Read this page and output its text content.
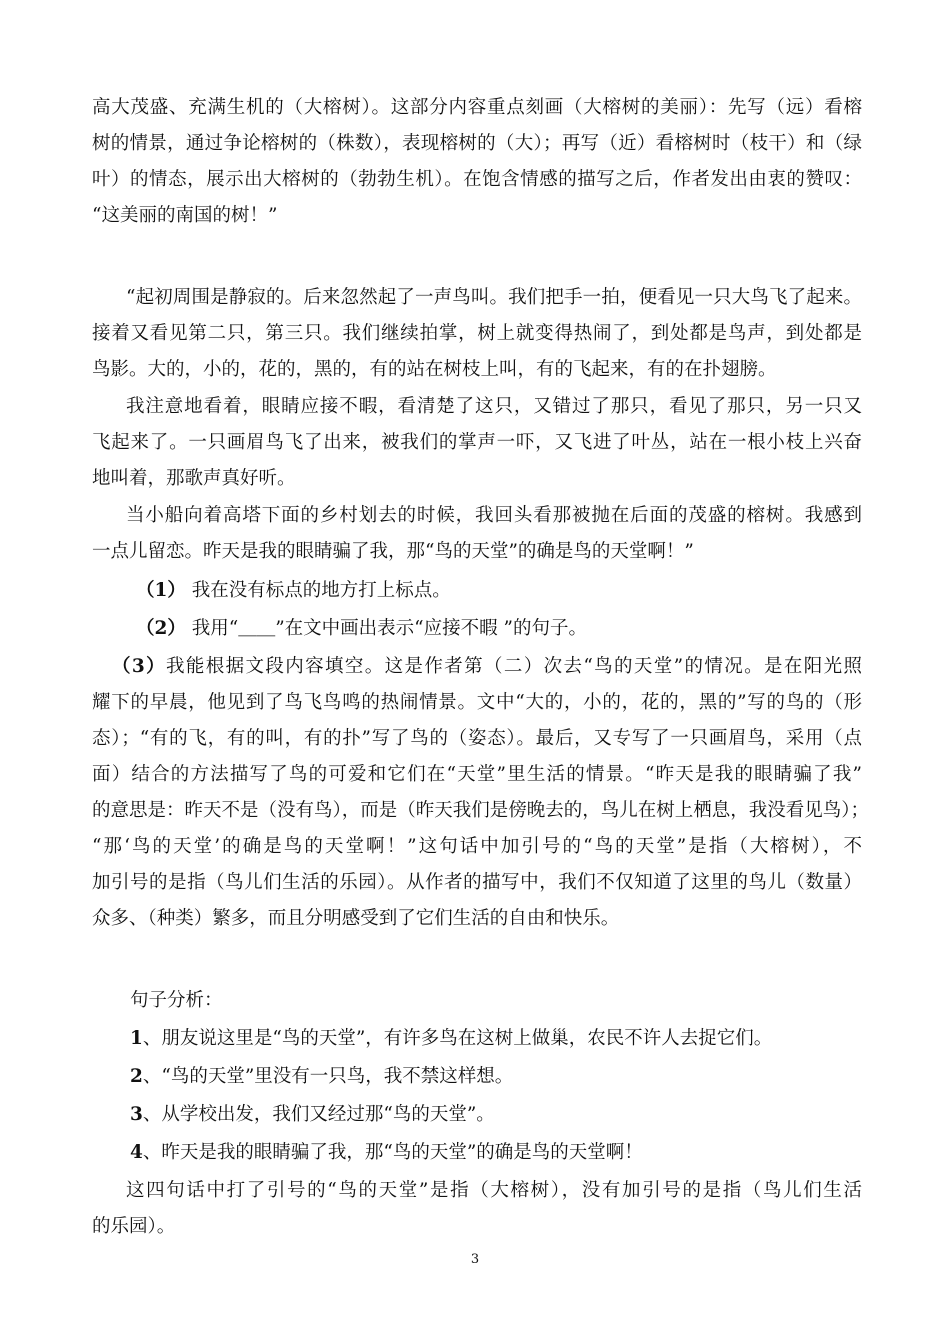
高大茂盛、充满生机的（大榕树）。这部分内容重点刻画（大榕树的美丽）：先写（远）看榕
树的情景，通过争论榕树的（株数），表现榕树的（大）；再写（近）看榕树时（枝干）和（绿
叶）的情态，展示出大榕树的（勃勃生机）。在饱含情感的描写之后，作者发出由衷的赞叹：
“这美丽的南国的树！”
“起初周围是静寂的。后来忽然起了一声鸟叫。我们把手一拍，便看见一只大鸟飞了起来。
接着又看见第二只，第三只。我们继续拍掌，树上就变得热闹了，到处都是鸟声，到处都是
鸟影。大的，小的，花的，黑的，有的站在树枝上叫，有的飞起来，有的在扑翅膀。
我注意地看着，眼睛应接不暇，看清楚了这只，又错过了那只，看见了那只，另一只又
飞起来了。一只画眉鸟飞了出来，被我们的掌声一吓，又飞进了叶丛，站在一根小枝上兴奋
地叫着，那歌声真好听。
当小船向着高塔下面的乡村划去的时候，我回头看那被抛在后面的茂盛的榕树。我感到
一点儿留恋。昨天是我的眼睛骗了我，那“鸟的天堂”的确是鸟的天堂啊！”
（1） 我在没有标点的地方打上标点。
（2） 我用“＿＿”在文中画出表示“应接不暇 ”的句子。
（3）我能根据文段内容填空。这是作者第（二）次去“鸟的天堂”的情况。是在阳光照
耀下的早晨，他见到了鸟飞鸟鸣的热闹情景。文中“大的，小的，花的，黑的”写的鸟的（形
态）；“有的飞，有的叫，有的扑”写了鸟的（姿态）。最后，又专写了一只画眉鸟，采用（点
面）结合的方法描写了鸟的可爱和它们在“天堂”里生活的情景。“昨天是我的眼睛骗了我”
的意思是：昨天不是（没有鸟），而是（昨天我们是傍晚去的，鸟儿在树上栖息，我没看见鸟）；
“那‘鸟的天堂’的确是鸟的天堂啊！”这句话中加引号的“鸟的天堂”是指（大榕树），不
加引号的是指（鸟儿们生活的乐园）。从作者的描写中，我们不仅知道了这里的鸟儿（数量）
众多、（种类）繁多，而且分明感受到了它们生活的自由和快乐。
句子分析：
1、朋友说这里是“鸟的天堂”，有许多鸟在这树上做巢，农民不许人去捉它们。
2、“鸟的天堂”里没有一只鸟，我不禁这样想。
3、从学校出发，我们又经过那“鸟的天堂”。
4、昨天是我的眼睛骗了我，那“鸟的天堂”的确是鸟的天堂啊！
这四句话中打了引号的“鸟的天堂”是指（大榕树），没有加引号的是指（鸟儿们生活
的乐园）。
3
